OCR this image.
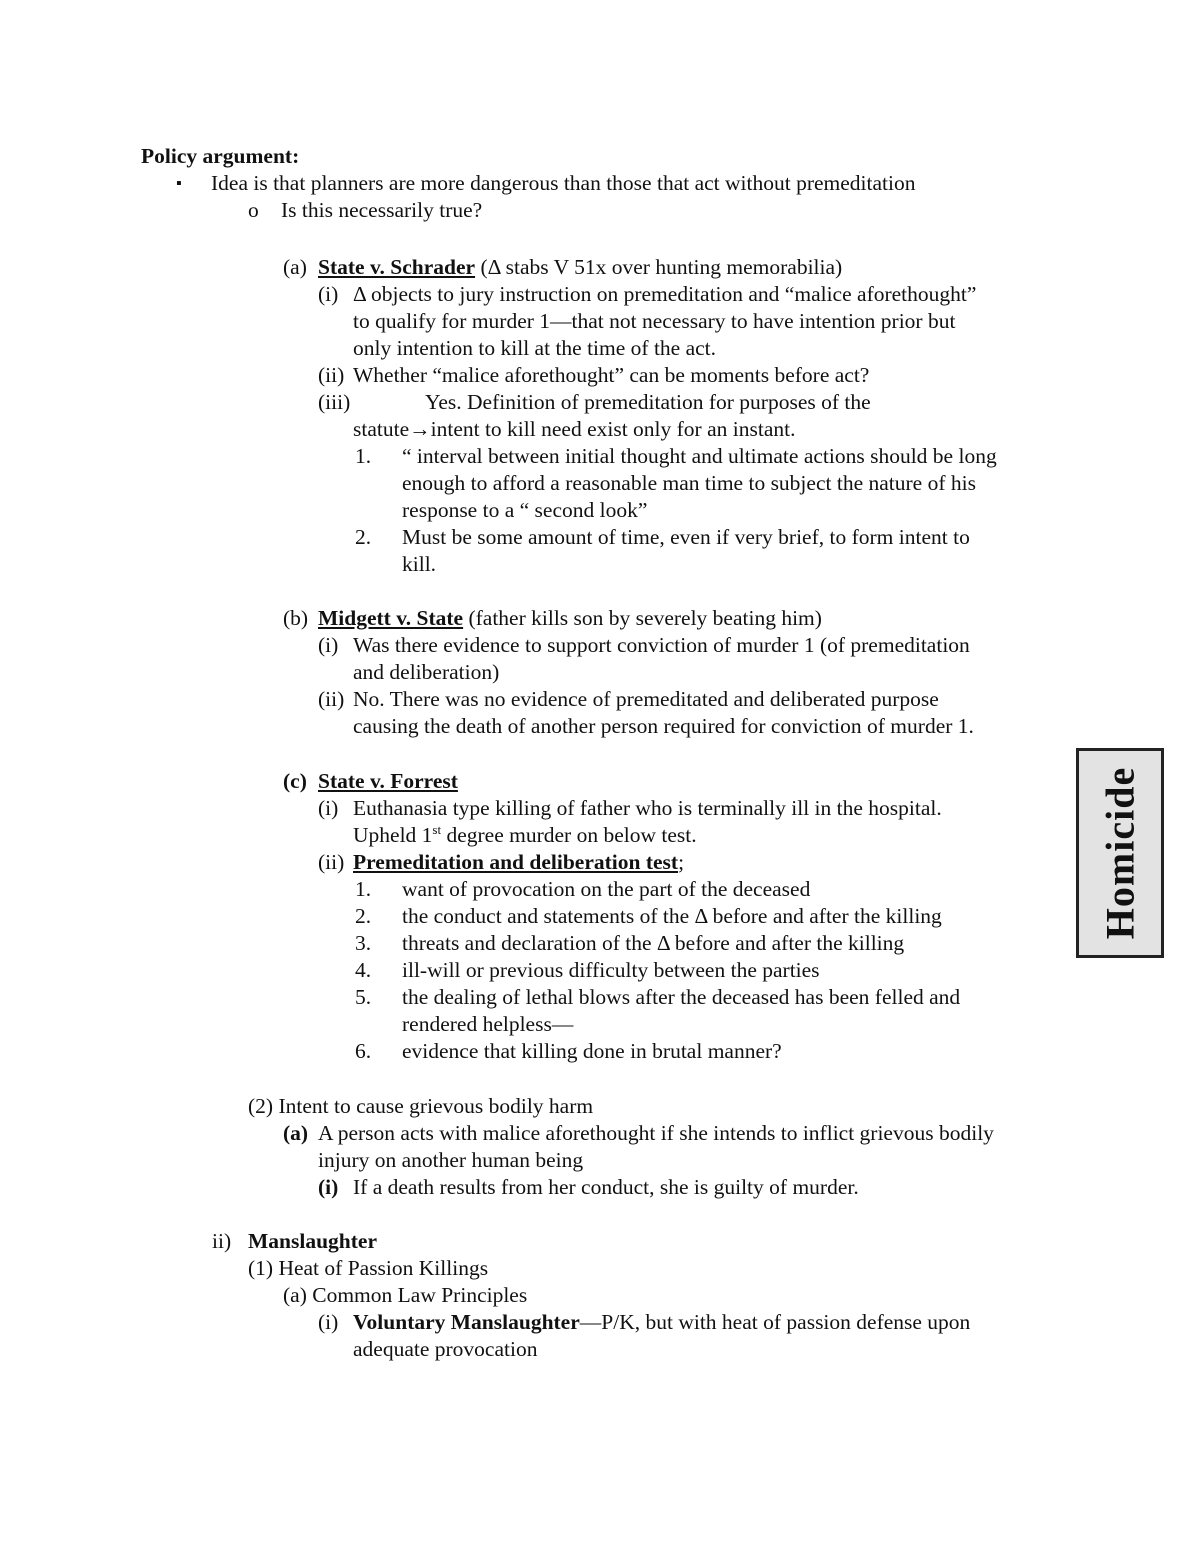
Policy argument:
▪ Idea is that planners are more dangerous than those that act without premeditation
o Is this necessarily true?
(a) State v. Schrader (Δ stabs V 51x over hunting memorabilia)
(i) Δ objects to jury instruction on premeditation and “malice aforethought”
to qualify for murder 1—that not necessary to have intention prior but
only intention to kill at the time of the act.
(ii) Whether “malice aforethought” can be moments before act?
(iii)	Yes. Definition of premeditation for purposes of the
statute→intent to kill need exist only for an instant.
1. “ interval between initial thought and ultimate actions should be long
enough to afford a reasonable man time to subject the nature of his
response to a “ second look”
2. Must be some amount of time, even if very brief, to form intent to
kill.
(b) Midgett v. State (father kills son by severely beating him)
(i) Was there evidence to support conviction of murder 1 (of premeditation
and deliberation)
(ii) No. There was no evidence of premeditated and deliberated purpose
causing the death of another person required for conviction of murder 1.
(c) State v. Forrest
(i) Euthanasia type killing of father who is terminally ill in the hospital.
Upheld 1st degree murder on below test.
(ii) Premeditation and deliberation test;
1. want of provocation on the part of the deceased
2. the conduct and statements of the Δ before and after the killing
3. threats and declaration of the Δ before and after the killing
4. ill-will or previous difficulty between the parties
5. the dealing of lethal blows after the deceased has been felled and
rendered helpless—
6. evidence that killing done in brutal manner?
(2) Intent to cause grievous bodily harm
(a) A person acts with malice aforethought if she intends to inflict grievous bodily
injury on another human being
(i) If a death results from her conduct, she is guilty of murder.
ii) Manslaughter
(1) Heat of Passion Killings
(a) Common Law Principles
(i) Voluntary Manslaughter—P/K, but with heat of passion defense upon
adequate provocation
Homicide
